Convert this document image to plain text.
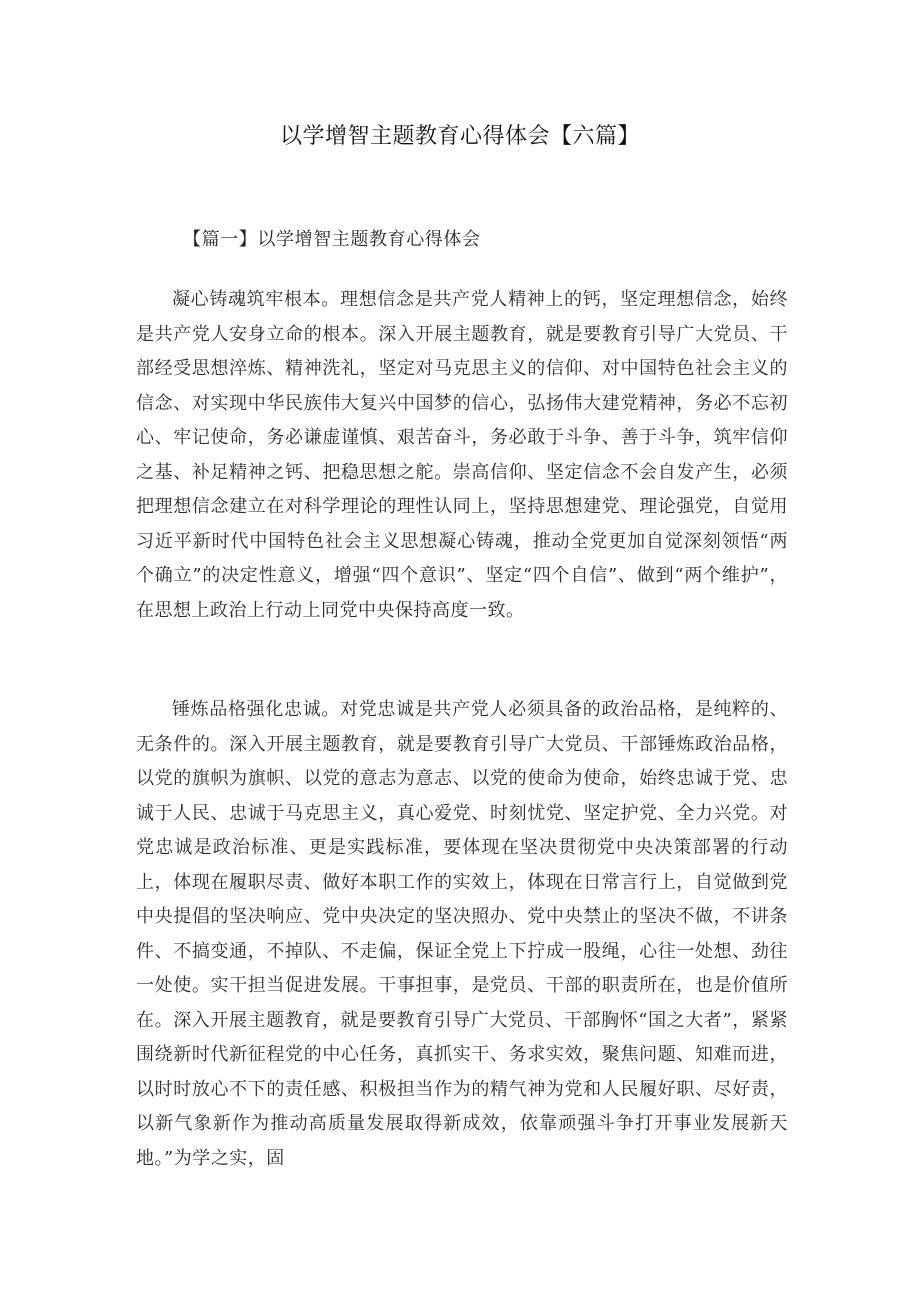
以学增智主题教育心得体会【六篇】
【篇一】以学增智主题教育心得体会

凝心铸魂筑牢根本。理想信念是共产党人精神上的钙，坚定理想信念，始终是共产党人安身立命的根本。深入开展主题教育，就是要教育引导广大党员、干部经受思想淬炼、精神洗礼，坚定对马克思主义的信仰、对中国特色社会主义的信念、对实现中华民族伟大复兴中国梦的信心，弘扬伟大建党精神，务必不忘初心、牢记使命，务必谦虚谨慎、艰苦奋斗，务必敢于斗争、善于斗争，筑牢信仰之基、补足精神之钙、把稳思想之舵。崇高信仰、坚定信念不会自发产生，必须把理想信念建立在对科学理论的理性认同上，坚持思想建党、理论强党，自觉用习近平新时代中国特色社会主义思想凝心铸魂，推动全党更加自觉深刻领悟“两个确立”的决定性意义，增强“四个意识”、坚定“四个自信”、做到“两个维护”，在思想上政治上行动上同党中央保持高度一致。

锤炼品格强化忠诚。对党忠诚是共产党人必须具备的政治品格，是纯粹的、无条件的。深入开展主题教育，就是要教育引导广大党员、干部锤炼政治品格，以党的旗帜为旗帜、以党的意志为意志、以党的使命为使命，始终忠诚于党、忠诚于人民、忠诚于马克思主义，真心爱党、时刻忧党、坚定护党、全力兴党。对党忠诚是政治标准、更是实践标准，要体现在坚决贯彻党中央决策部署的行动上，体现在履职尽责、做好本职工作的实效上，体现在日常言行上，自觉做到党中央提倡的坚决响应、党中央决定的坚决照办、党中央禁止的坚决不做，不讲条件、不搞变通，不掉队、不走偏，保证全党上下拧成一股绳，心往一处想、劲往一处使。实干担当促进发展。干事担事，是党员、干部的职责所在，也是价值所在。深入开展主题教育，就是要教育引导广大党员、干部胸怀“国之大者”，紧紧围绕新时代新征程党的中心任务，真抓实干、务求实效，聚焦问题、知难而进，以时时放心不下的责任感、积极担当作为的精气神为党和人民履好职、尽好责，以新气象新作为推动高质量发展取得新成效，依靠顽强斗争打开事业发展新天地。”为学之实，固
